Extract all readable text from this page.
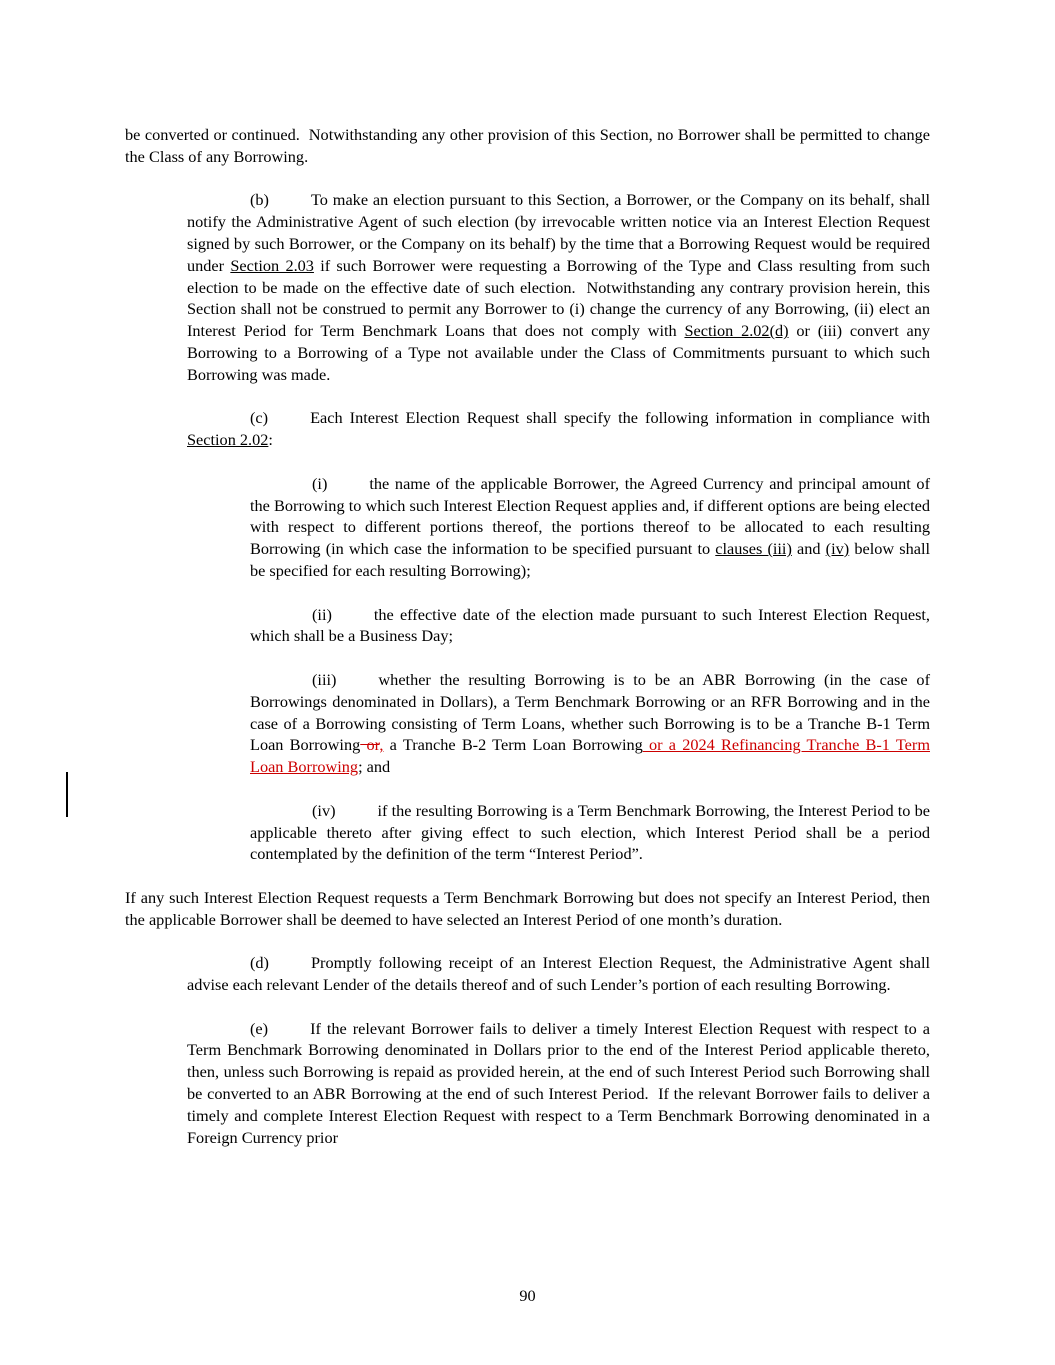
be converted or continued.  Notwithstanding any other provision of this Section, no Borrower shall be permitted to change the Class of any Borrowing.

(b)	To make an election pursuant to this Section, a Borrower, or the Company on its behalf, shall notify the Administrative Agent of such election (by irrevocable written notice via an Interest Election Request signed by such Borrower, or the Company on its behalf) by the time that a Borrowing Request would be required under Section 2.03 if such Borrower were requesting a Borrowing of the Type and Class resulting from such election to be made on the effective date of such election.  Notwithstanding any contrary provision herein, this Section shall not be construed to permit any Borrower to (i) change the currency of any Borrowing, (ii) elect an Interest Period for Term Benchmark Loans that does not comply with Section 2.02(d) or (iii) convert any Borrowing to a Borrowing of a Type not available under the Class of Commitments pursuant to which such Borrowing was made.

(c)	Each Interest Election Request shall specify the following information in compliance with Section 2.02:

(i)	the name of the applicable Borrower, the Agreed Currency and principal amount of the Borrowing to which such Interest Election Request applies and, if different options are being elected with respect to different portions thereof, the portions thereof to be allocated to each resulting Borrowing (in which case the information to be specified pursuant to clauses (iii) and (iv) below shall be specified for each resulting Borrowing);

(ii)	the effective date of the election made pursuant to such Interest Election Request, which shall be a Business Day;

(iii)	whether the resulting Borrowing is to be an ABR Borrowing (in the case of Borrowings denominated in Dollars), a Term Benchmark Borrowing or an RFR Borrowing and in the case of a Borrowing consisting of Term Loans, whether such Borrowing is to be a Tranche B-1 Term Loan Borrowing or, a Tranche B-2 Term Loan Borrowing or a 2024 Refinancing Tranche B-1 Term Loan Borrowing; and

(iv)	if the resulting Borrowing is a Term Benchmark Borrowing, the Interest Period to be applicable thereto after giving effect to such election, which Interest Period shall be a period contemplated by the definition of the term “Interest Period”.

If any such Interest Election Request requests a Term Benchmark Borrowing but does not specify an Interest Period, then the applicable Borrower shall be deemed to have selected an Interest Period of one month’s duration.

(d)	Promptly following receipt of an Interest Election Request, the Administrative Agent shall advise each relevant Lender of the details thereof and of such Lender’s portion of each resulting Borrowing.

(e)	If the relevant Borrower fails to deliver a timely Interest Election Request with respect to a Term Benchmark Borrowing denominated in Dollars prior to the end of the Interest Period applicable thereto, then, unless such Borrowing is repaid as provided herein, at the end of such Interest Period such Borrowing shall be converted to an ABR Borrowing at the end of such Interest Period.  If the relevant Borrower fails to deliver a timely and complete Interest Election Request with respect to a Term Benchmark Borrowing denominated in a Foreign Currency prior

90
